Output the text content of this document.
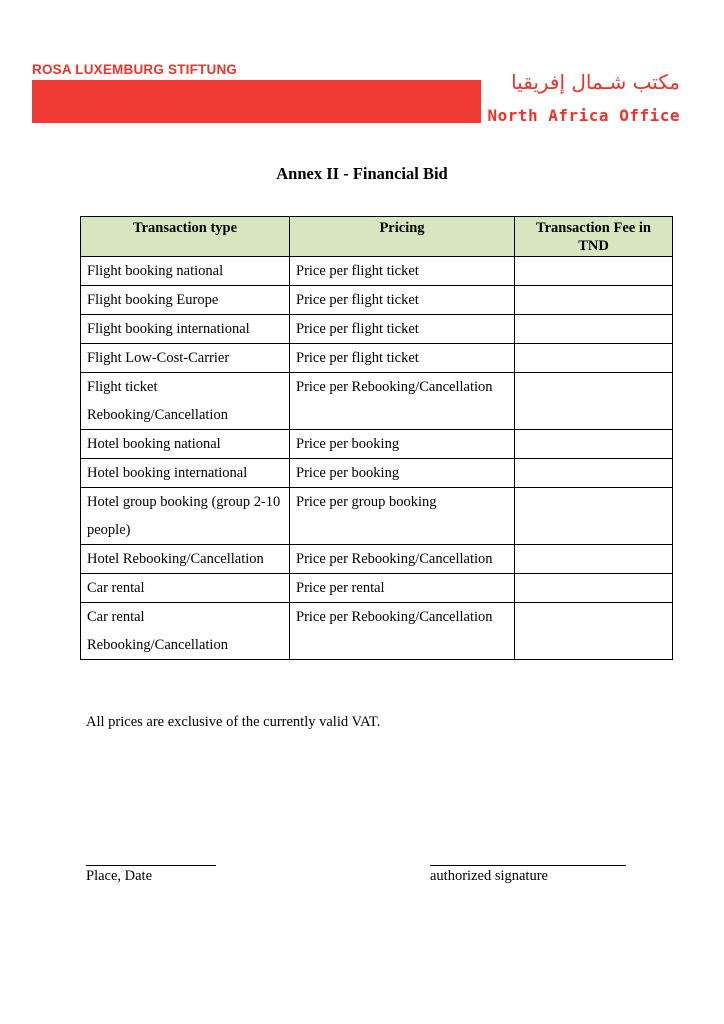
ROSA LUXEMBURG STIFTUNG
مكتب شـمال إفريقيا
North Africa Office
Annex II - Financial Bid
Transaction type	Pricing	Transaction Fee in TND
Flight booking national	Price per flight ticket	
Flight booking Europe	Price per flight ticket	
Flight booking international	Price per flight ticket	
Flight Low-Cost-Carrier	Price per flight ticket	
Flight ticket Rebooking/Cancellation	Price per Rebooking/Cancellation	
Hotel booking national	Price per booking	
Hotel booking international	Price per booking	
Hotel group booking (group 2-10 people)	Price per group booking	
Hotel Rebooking/Cancellation	Price per Rebooking/Cancellation	
Car rental	Price per rental	
Car rental Rebooking/Cancellation	Price per Rebooking/Cancellation	
All prices are exclusive of the currently valid VAT.
Place, Date	authorized signature
